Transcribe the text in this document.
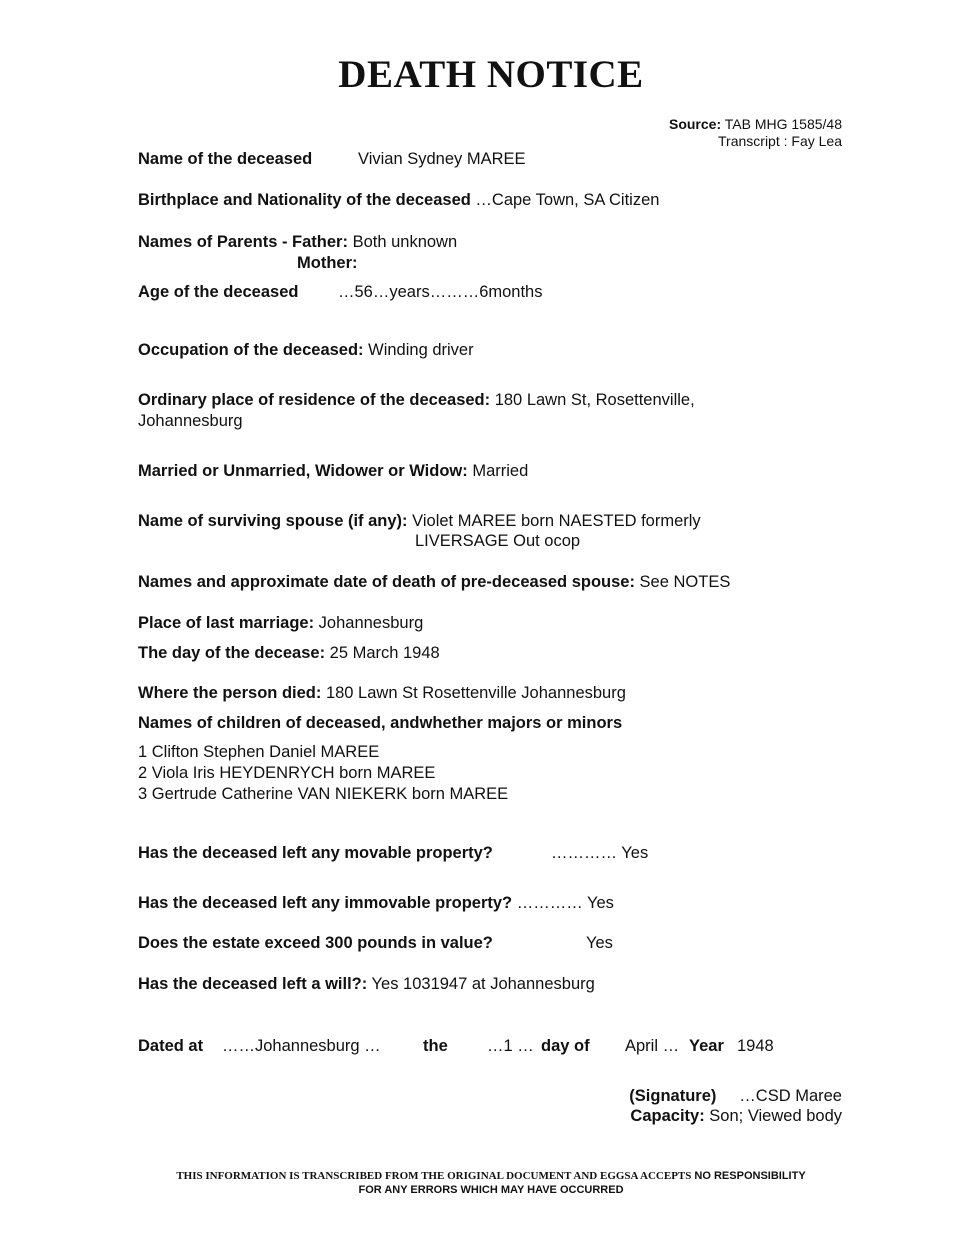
DEATH NOTICE
Source: TAB MHG 1585/48
Transcript : Fay Lea
Name of the deceased	Vivian Sydney MAREE
Birthplace and Nationality of the deceased …Cape Town, SA Citizen
Names of Parents - Father: Both unknown
Mother:
Age of the deceased …56…years………6months
Occupation of the deceased: Winding driver
Ordinary place of residence of the deceased: 180 Lawn St, Rosettenville,
Johannesburg
Married or Unmarried, Widower or Widow: Married
Name of surviving spouse (if any): Violet MAREE born NAESTED formerly
LIVERSAGE Out ocop
Names and approximate date of death of pre-deceased spouse: See NOTES
Place of last marriage: Johannesburg
The day of the decease: 25 March 1948
Where the person died: 180 Lawn St Rosettenville Johannesburg
Names of children of deceased, andwhether majors or minors
1 Clifton Stephen Daniel MAREE
2 Viola Iris HEYDENRYCH born MAREE
3 Gertrude Catherine VAN NIEKERK born MAREE
Has the deceased left any movable property?	………… Yes
Has the deceased left any immovable property? ………… Yes
Does the estate exceed 300 pounds in value?	Yes
Has the deceased left a will?: Yes 1031947 at Johannesburg
Dated at ……Johannesburg …	the …1 … day of April … Year 1948
(Signature) …CSD Maree
Capacity: Son; Viewed body
THIS INFORMATION IS TRANSCRIBED FROM THE ORIGINAL DOCUMENT AND EGGSA ACCEPTS NO RESPONSIBILITY
FOR ANY ERRORS WHICH MAY HAVE OCCURRED
